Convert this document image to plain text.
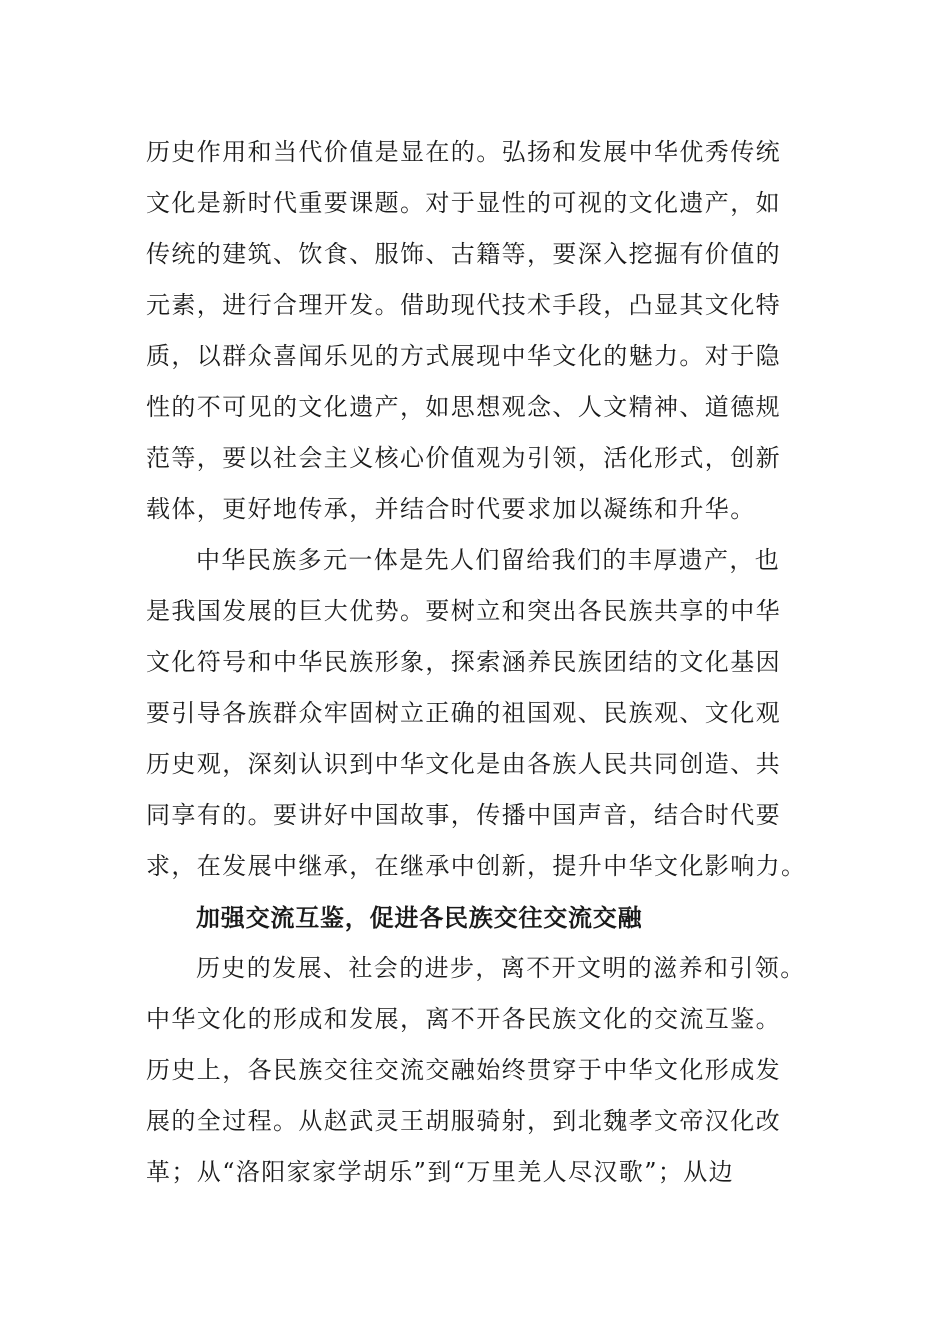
历史作用和当代价值是显在的。弘扬和发展中华优秀传统
文化是新时代重要课题。对于显性的可视的文化遗产，如
传统的建筑、饮食、服饰、古籍等，要深入挖掘有价值的
元素，进行合理开发。借助现代技术手段，凸显其文化特
质，以群众喜闻乐见的方式展现中华文化的魅力。对于隐
性的不可见的文化遗产，如思想观念、人文精神、道德规
范等，要以社会主义核心价值观为引领，活化形式，创新
载体，更好地传承，并结合时代要求加以凝练和升华。
中华民族多元一体是先人们留给我们的丰厚遗产，也
是我国发展的巨大优势。要树立和突出各民族共享的中华
文化符号和中华民族形象，探索涵养民族团结的文化基因
要引导各族群众牢固树立正确的祖国观、民族观、文化观
历史观，深刻认识到中华文化是由各族人民共同创造、共
同享有的。要讲好中国故事，传播中国声音，结合时代要
求，在发展中继承，在继承中创新，提升中华文化影响力。
加强交流互鉴，促进各民族交往交流交融
历史的发展、社会的进步，离不开文明的滋养和引领。
中华文化的形成和发展，离不开各民族文化的交流互鉴。
历史上，各民族交往交流交融始终贯穿于中华文化形成发
展的全过程。从赵武灵王胡服骑射，到北魏孝文帝汉化改
革；从“洛阳家家学胡乐”到“万里羌人尽汉歌”；从边
